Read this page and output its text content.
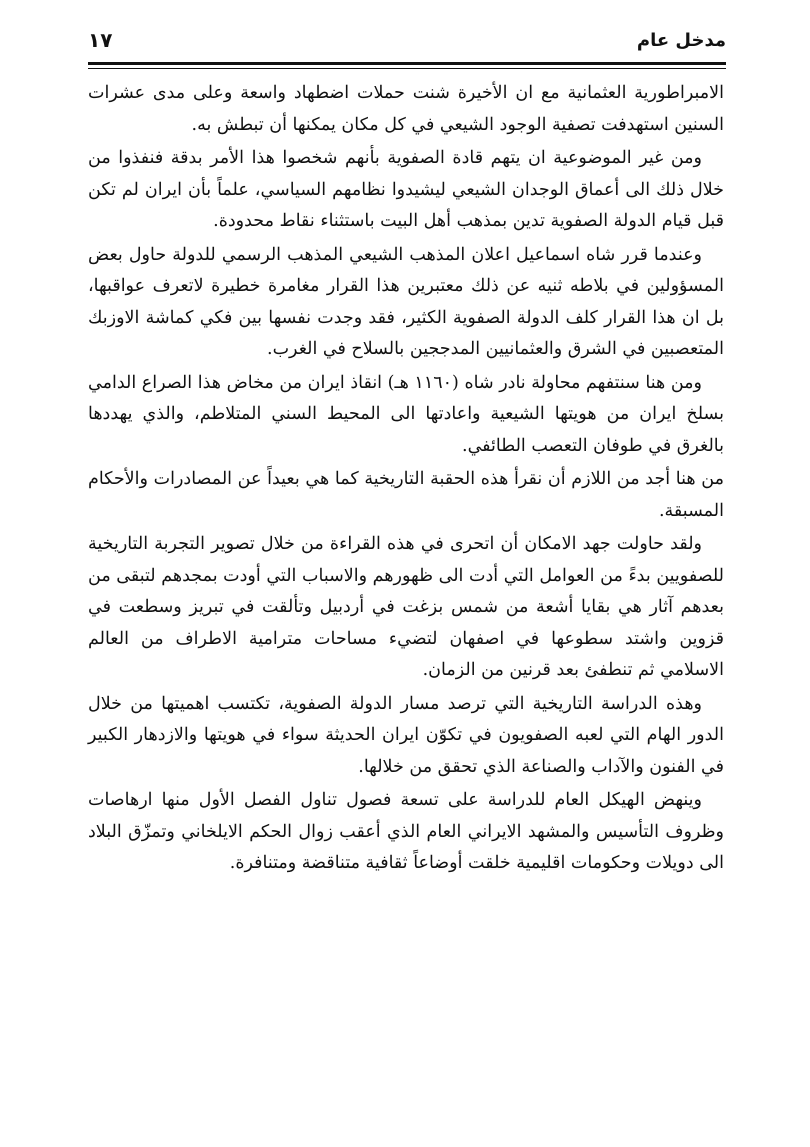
مدخل عام
١٧

الامبراطورية العثمانية مع ان الأخيرة شنت حملات اضطهاد واسعة وعلى مدى عشرات السنين استهدفت تصفية الوجود الشيعي في كل مكان يمكنها أن تبطش به.

ومن غير الموضوعية ان يتهم قادة الصفوية بأنهم شخصوا هذا الأمر بدقة فنفذوا من خلال ذلك الى أعماق الوجدان الشيعي ليشيدوا نظامهم السياسي، علماً بأن ايران لم تكن قبل قيام الدولة الصفوية تدين بمذهب أهل البيت باستثناء نقاط محدودة.

وعندما قرر شاه اسماعيل اعلان المذهب الشيعي المذهب الرسمي للدولة حاول بعض المسؤولين في بلاطه ثنيه عن ذلك معتبرين هذا القرار مغامرة خطيرة لاتعرف عواقبها، بل ان هذا القرار كلف الدولة الصفوية الكثير، فقد وجدت نفسها بين فكي كماشة الاوزبك المتعصبين في الشرق والعثمانيين المدججين بالسلاح في الغرب.

ومن هنا سنتفهم محاولة نادر شاه (١١٦٠ هـ) انقاذ ايران من مخاض هذا الصراع الدامي بسلخ ايران من هويتها الشيعية واعادتها الى المحيط السني المتلاطم، والذي يهددها بالغرق في طوفان التعصب الطائفي.

من هنا أجد من اللازم أن نقرأ هذه الحقبة التاريخية كما هي بعيداً عن المصادرات والأحكام المسبقة.

ولقد حاولت جهد الامكان أن اتحرى في هذه القراءة من خلال تصوير التجربة التاريخية للصفويين بدءً من العوامل التي أدت الى ظهورهم والاسباب التي أودت بمجدهم لتبقى من بعدهم آثار هي بقايا أشعة من شمس بزغت في أردبيل وتألقت في تبريز وسطعت في قزوين واشتد سطوعها في اصفهان لتضيء مساحات مترامية الاطراف من العالم الاسلامي ثم تنطفئ بعد قرنين من الزمان.

وهذه الدراسة التاريخية التي ترصد مسار الدولة الصفوية، تكتسب اهميتها من خلال الدور الهام التي لعبه الصفويون في تكوّن ايران الحديثة سواء في هويتها والازدهار الكبير في الفنون والآداب والصناعة الذي تحقق من خلالها.

وينهض الهيكل العام للدراسة على تسعة فصول تناول الفصل الأول منها ارهاصات وظروف التأسيس والمشهد الايراني العام الذي أعقب زوال الحكم الايلخاني وتمزّق البلاد الى دويلات وحكومات اقليمية خلقت أوضاعاً ثقافية متناقضة ومتنافرة.
